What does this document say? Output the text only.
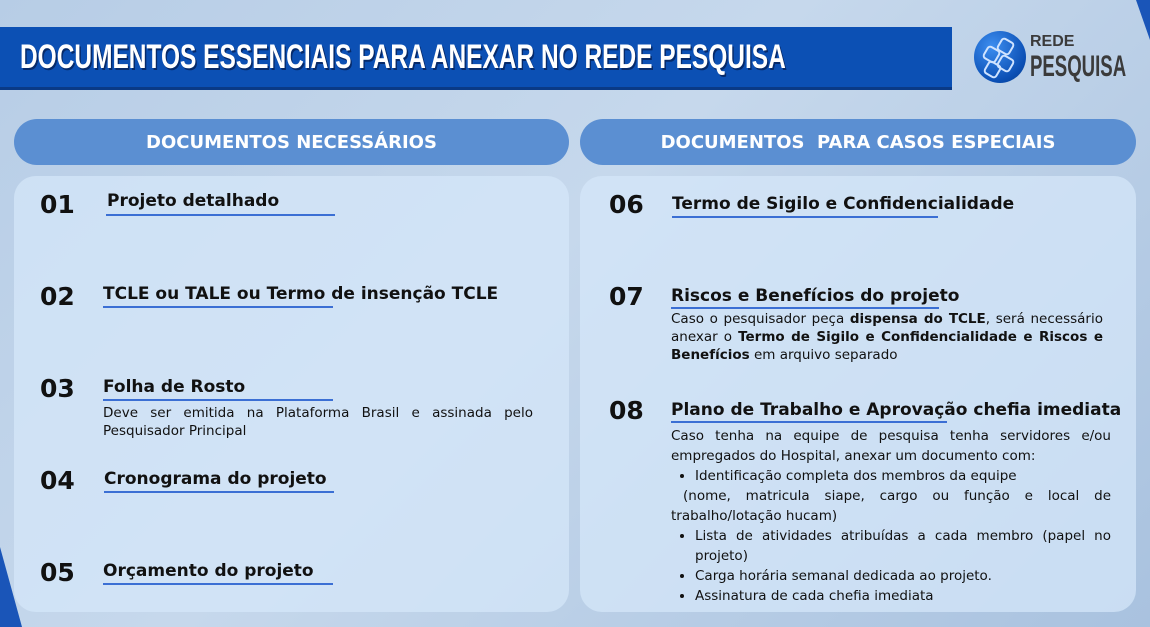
DOCUMENTOS ESSENCIAIS PARA ANEXAR NO REDE PESQUISA	REDE
PESQUISA
DOCUMENTOS NECESSÁRIOS	DOCUMENTOS  PARA CASOS ESPECIAIS
01 Projeto detalhado
02 TCLE ou TALE ou Termo de insenção TCLE
03 Folha de Rosto
Deve ser emitida na Plataforma Brasil e assinada pelo Pesquisador Principal
04 Cronograma do projeto
05 Orçamento do projeto
06 Termo de Sigilo e Confidencialidade
07 Riscos e Benefícios do projeto
Caso o pesquisador peça dispensa do TCLE, será necessário anexar o Termo de Sigilo e Confidencialidade e Riscos e Benefícios em arquivo separado
08 Plano de Trabalho e Aprovação chefia imediata
Caso tenha na equipe de pesquisa tenha servidores e/ou empregados do Hospital, anexar um documento com:
• Identificação completa dos membros da equipe
(nome, matricula siape, cargo ou função e local de trabalho/lotação hucam)
• Lista de atividades atribuídas a cada membro (papel no projeto)
• Carga horária semanal dedicada ao projeto.
• Assinatura de cada chefia imediata
